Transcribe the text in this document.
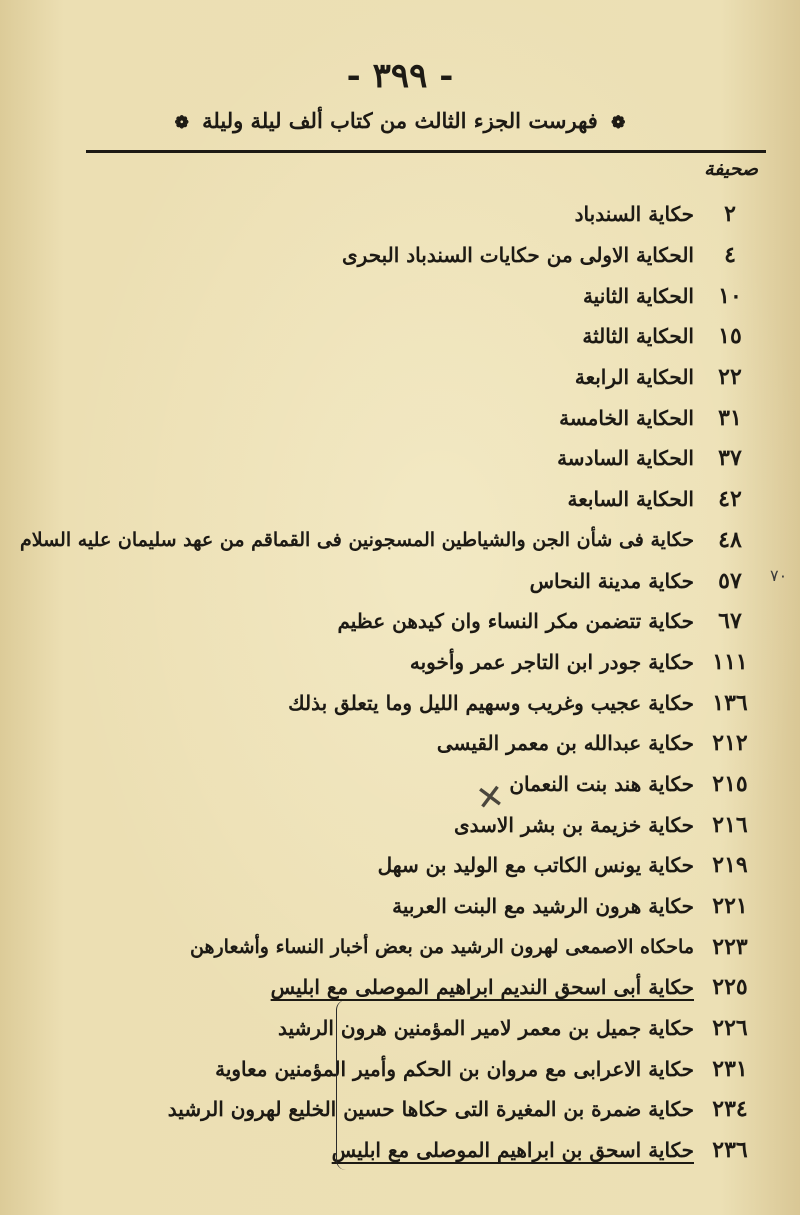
- ٣٩٩ -
❁ فهرست الجزء الثالث من كتاب ألف ليلة وليلة ❁
صحيفة
٢
حكاية السندباد
٤
الحكاية الاولى من حكايات السندباد البحرى
١٠
الحكاية الثانية
١٥
الحكاية الثالثة
٢٢
الحكاية الرابعة
٣١
الحكاية الخامسة
٣٧
الحكاية السادسة
٤٢
الحكاية السابعة
٤٨
حكاية فى شأن الجن والشياطين المسجونين فى القماقم من عهد سليمان عليه السلام
٥٧
حكاية مدينة النحاس
٦٧
حكاية تتضمن مكر النساء وان كيدهن عظيم
١١١
حكاية جودر ابن التاجر عمر وأخوبه
١٣٦
حكاية عجيب وغريب وسهيم الليل وما يتعلق بذلك
٢١٢
حكاية عبدالله بن معمر القيسى
٢١٥
حكاية هند بنت النعمان
٢١٦
حكاية خزيمة بن بشر الاسدى
٢١٩
حكاية يونس الكاتب مع الوليد بن سهل
٢٢١
حكاية هرون الرشيد مع البنت العربية
٢٢٣
ماحكاه الاصمعى لهرون الرشيد من بعض أخبار النساء وأشعارهن
٢٢٥
حكاية أبى اسحق النديم ابراهيم الموصلى مع ابليس
٢٢٦
حكاية جميل بن معمر لامير المؤمنين هرون الرشيد
٢٣١
حكاية الاعرابى مع مروان بن الحكم وأمير المؤمنين معاوية
٢٣٤
حكاية ضمرة بن المغيرة التى حكاها حسين الخليع لهرون الرشيد
٢٣٦
حكاية اسحق بن ابراهيم الموصلى مع ابليس
✕
٧٠
